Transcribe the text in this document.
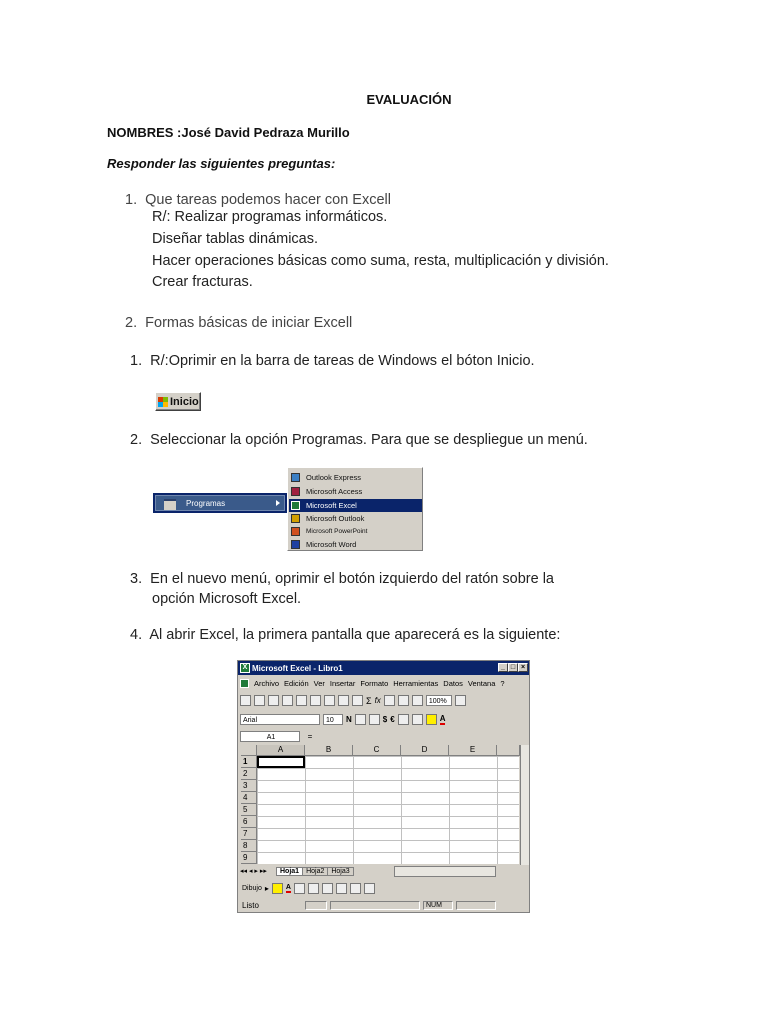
EVALUACIÓN
NOMBRES :José David Pedraza Murillo
Responder las siguientes preguntas:
1. Que tareas podemos hacer con Excell
R/: Realizar programas informáticos.
Diseñar tablas dinámicas.
Hacer operaciones básicas como suma, resta, multiplicación y división.
Crear fracturas.
2. Formas básicas de iniciar Excell
1. R/:Oprimir en la barra de tareas de Windows el bóton Inicio.
Inicio
2. Seleccionar la opción Programas. Para que se despliegue un menú.
Programas
Outlook Express
Microsoft Access
Microsoft Excel
Microsoft Outlook
Microsoft PowerPoint
Microsoft Word
3. En el nuevo menú, oprimir el botón izquierdo del ratón sobre la
opción Microsoft Excel.
4. Al abrir Excel, la primera pantalla que aparecerá es la siguiente:
X Microsoft Excel - Libro1	_ □ ×
Archivo Edición Ver Insertar Formato Herramientas Datos Ventana ?
Σ fx	100%
Arial	10	N	$ €	A
A1	=
A	B	C	D	E
1
2
3
4
5
6
7
8
9
◂◂ ◂ ▸ ▸▸	Hoja1	Hoja2	Hoja3
Dibujo ▸ A
Listo	NUM
